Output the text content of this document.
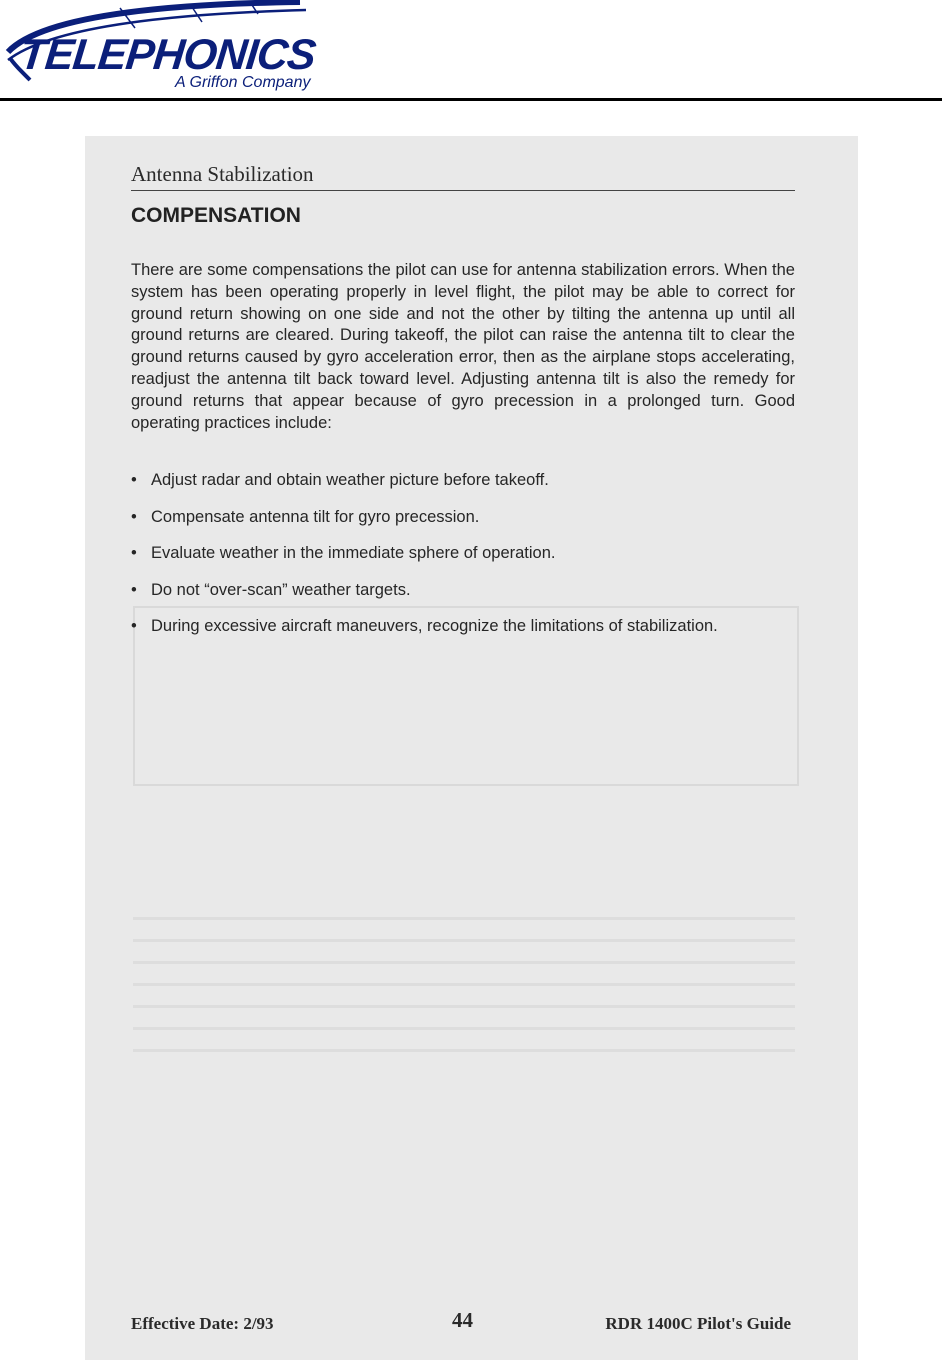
TELEPHONICS
A Griffon Company
Antenna Stabilization
COMPENSATION

There are some compensations the pilot can use for antenna stabilization errors. When the system has been operating properly in level flight, the pilot may be able to correct for ground return showing on one side and not the other by tilting the antenna up until all ground returns are cleared. During takeoff, the pilot can raise the antenna tilt to clear the ground returns caused by gyro acceleration error, then as the airplane stops accelerating, readjust the antenna tilt back toward level. Adjusting antenna tilt is also the remedy for ground returns that appear because of gyro precession in a prolonged turn. Good operating practices include:

• Adjust radar and obtain weather picture before takeoff.
• Compensate antenna tilt for gyro precession.
• Evaluate weather in the immediate sphere of operation.
• Do not “over-scan” weather targets.
• During excessive aircraft maneuvers, recognize the limitations of stabilization.
Effective Date: 2/93	44	RDR 1400C Pilot's Guide
